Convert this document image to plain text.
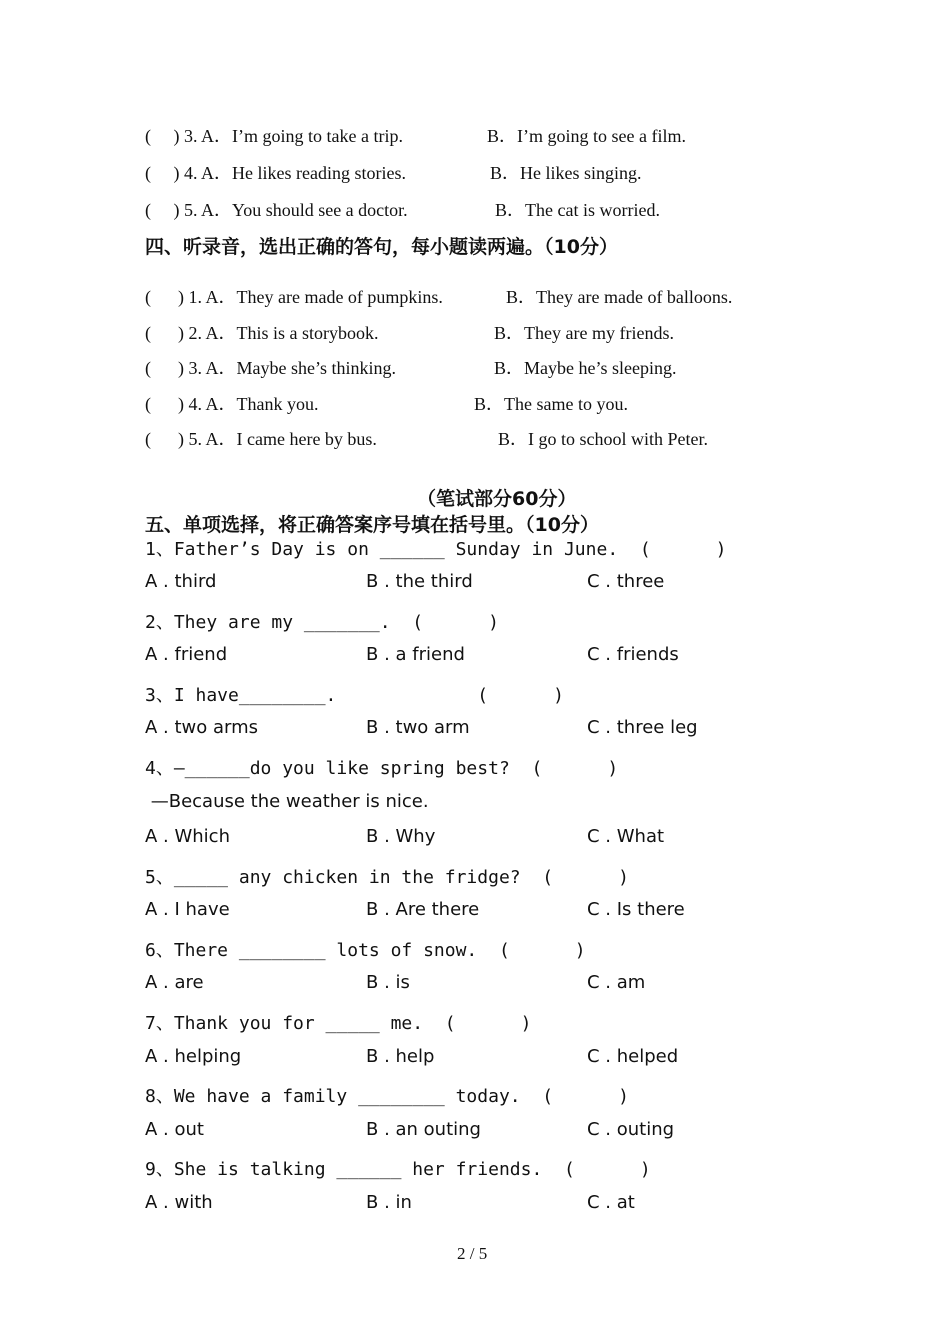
(     ) 3. A．I’m going to take a trip.	B．I’m going to see a film.
(     ) 4. A．He likes reading stories.	B．He likes singing.
(     ) 5. A．You should see a doctor.	B．The cat is worried.
四、听录音，选出正确的答句，每小题读两遍。（10分）
(      ) 1. A．They are made of pumpkins.	B．They are made of balloons.
(      ) 2. A．This is a storybook.	B．They are my friends.
(      ) 3. A．Maybe she’s thinking.	B．Maybe he’s sleeping.
(      ) 4. A．Thank you.	B．The same to you.
(      ) 5. A．I came here by bus.	B．I go to school with Peter.
（笔试部分60分）
五、单项选择，将正确答案序号填在括号里。（10分）
1、Father’s Day is on ______ Sunday in June.  (      )
A . third	B . the third	C . three
2、They are my _______.  (      )
A . friend	B . a friend	C . friends
3、I have________.             (      )
A . two arms	B . two arm	C . three leg
4、—______do you like spring best?  (      )
—Because the weather is nice.
A . Which	B . Why	C . What
5、_____ any chicken in the fridge?  (      )
A . I have	B . Are there	C . Is there
6、There ________ lots of snow.  (      )
A . are	B . is	C . am
7、Thank you for _____ me.  (      )
A . helping	B . help	C . helped
8、We have a family ________ today.  (      )
A . out	B . an outing	C . outing
9、She is talking ______ her friends.  (      )
A . with	B . in	C . at
2 / 5
